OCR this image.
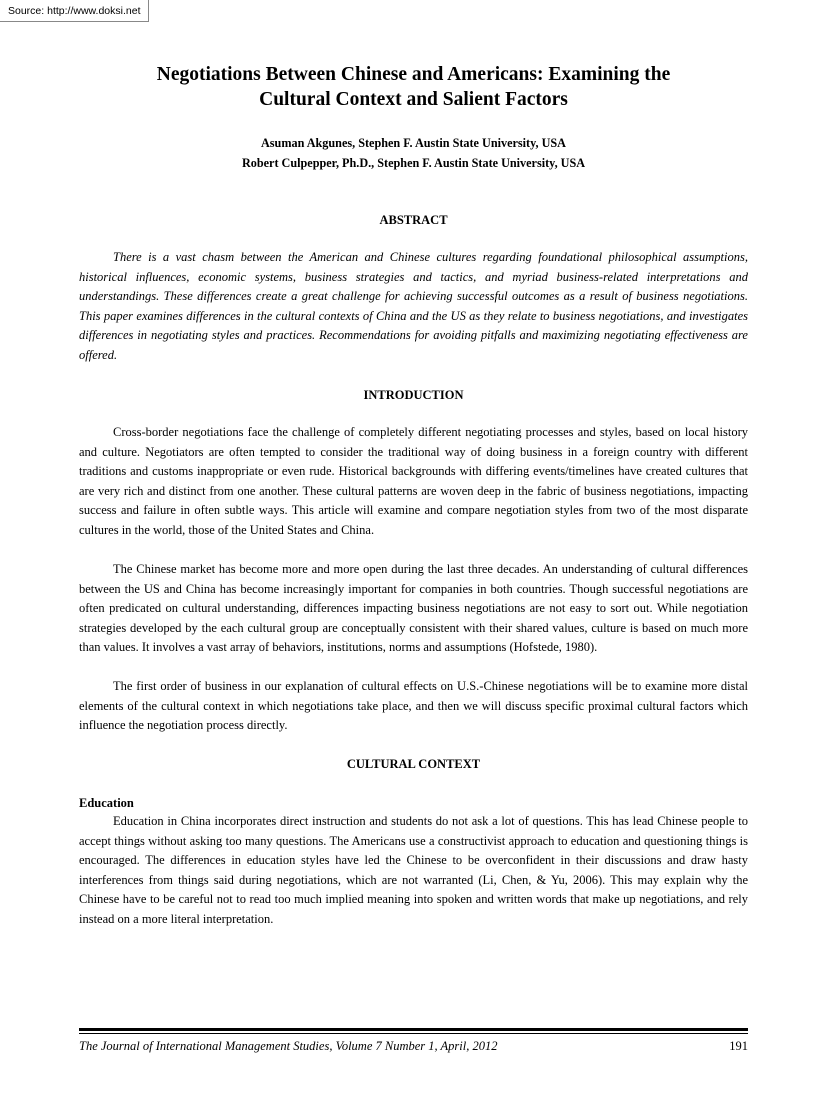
Source: http://www.doksi.net
Negotiations Between Chinese and Americans: Examining the
Cultural Context and Salient Factors
Asuman Akgunes, Stephen F. Austin State University, USA
Robert Culpepper, Ph.D., Stephen F. Austin State University, USA
ABSTRACT

There is a vast chasm between the American and Chinese cultures regarding foundational philosophical assumptions, historical influences, economic systems, business strategies and tactics, and myriad business-related interpretations and understandings. These differences create a great challenge for achieving successful outcomes as a result of business negotiations. This paper examines differences in the cultural contexts of China and the US as they relate to business negotiations, and investigates differences in negotiating styles and practices. Recommendations for avoiding pitfalls and maximizing negotiating effectiveness are offered.

INTRODUCTION

Cross-border negotiations face the challenge of completely different negotiating processes and styles, based on local history and culture. Negotiators are often tempted to consider the traditional way of doing business in a foreign country with different traditions and customs inappropriate or even rude. Historical backgrounds with differing events/timelines have created cultures that are very rich and distinct from one another. These cultural patterns are woven deep in the fabric of business negotiations, impacting success and failure in often subtle ways. This article will examine and compare negotiation styles from two of the most disparate cultures in the world, those of the United States and China.

The Chinese market has become more and more open during the last three decades. An understanding of cultural differences between the US and China has become increasingly important for companies in both countries. Though successful negotiations are often predicated on cultural understanding, differences impacting business negotiations are not easy to sort out. While negotiation strategies developed by the each cultural group are conceptually consistent with their shared values, culture is based on much more than values. It involves a vast array of behaviors, institutions, norms and assumptions (Hofstede, 1980).

The first order of business in our explanation of cultural effects on U.S.-Chinese negotiations will be to examine more distal elements of the cultural context in which negotiations take place, and then we will discuss specific proximal cultural factors which influence the negotiation process directly.

CULTURAL CONTEXT
Education

Education in China incorporates direct instruction and students do not ask a lot of questions. This has lead Chinese people to accept things without asking too many questions. The Americans use a constructivist approach to education and questioning things is encouraged. The differences in education styles have led the Chinese to be overconfident in their discussions and draw hasty interferences from things said during negotiations, which are not warranted (Li, Chen, & Yu, 2006). This may explain why the Chinese have to be careful not to read too much implied meaning into spoken and written words that make up negotiations, and rely instead on a more literal interpretation.

The Journal of International Management Studies, Volume 7 Number 1, April, 2012	191
